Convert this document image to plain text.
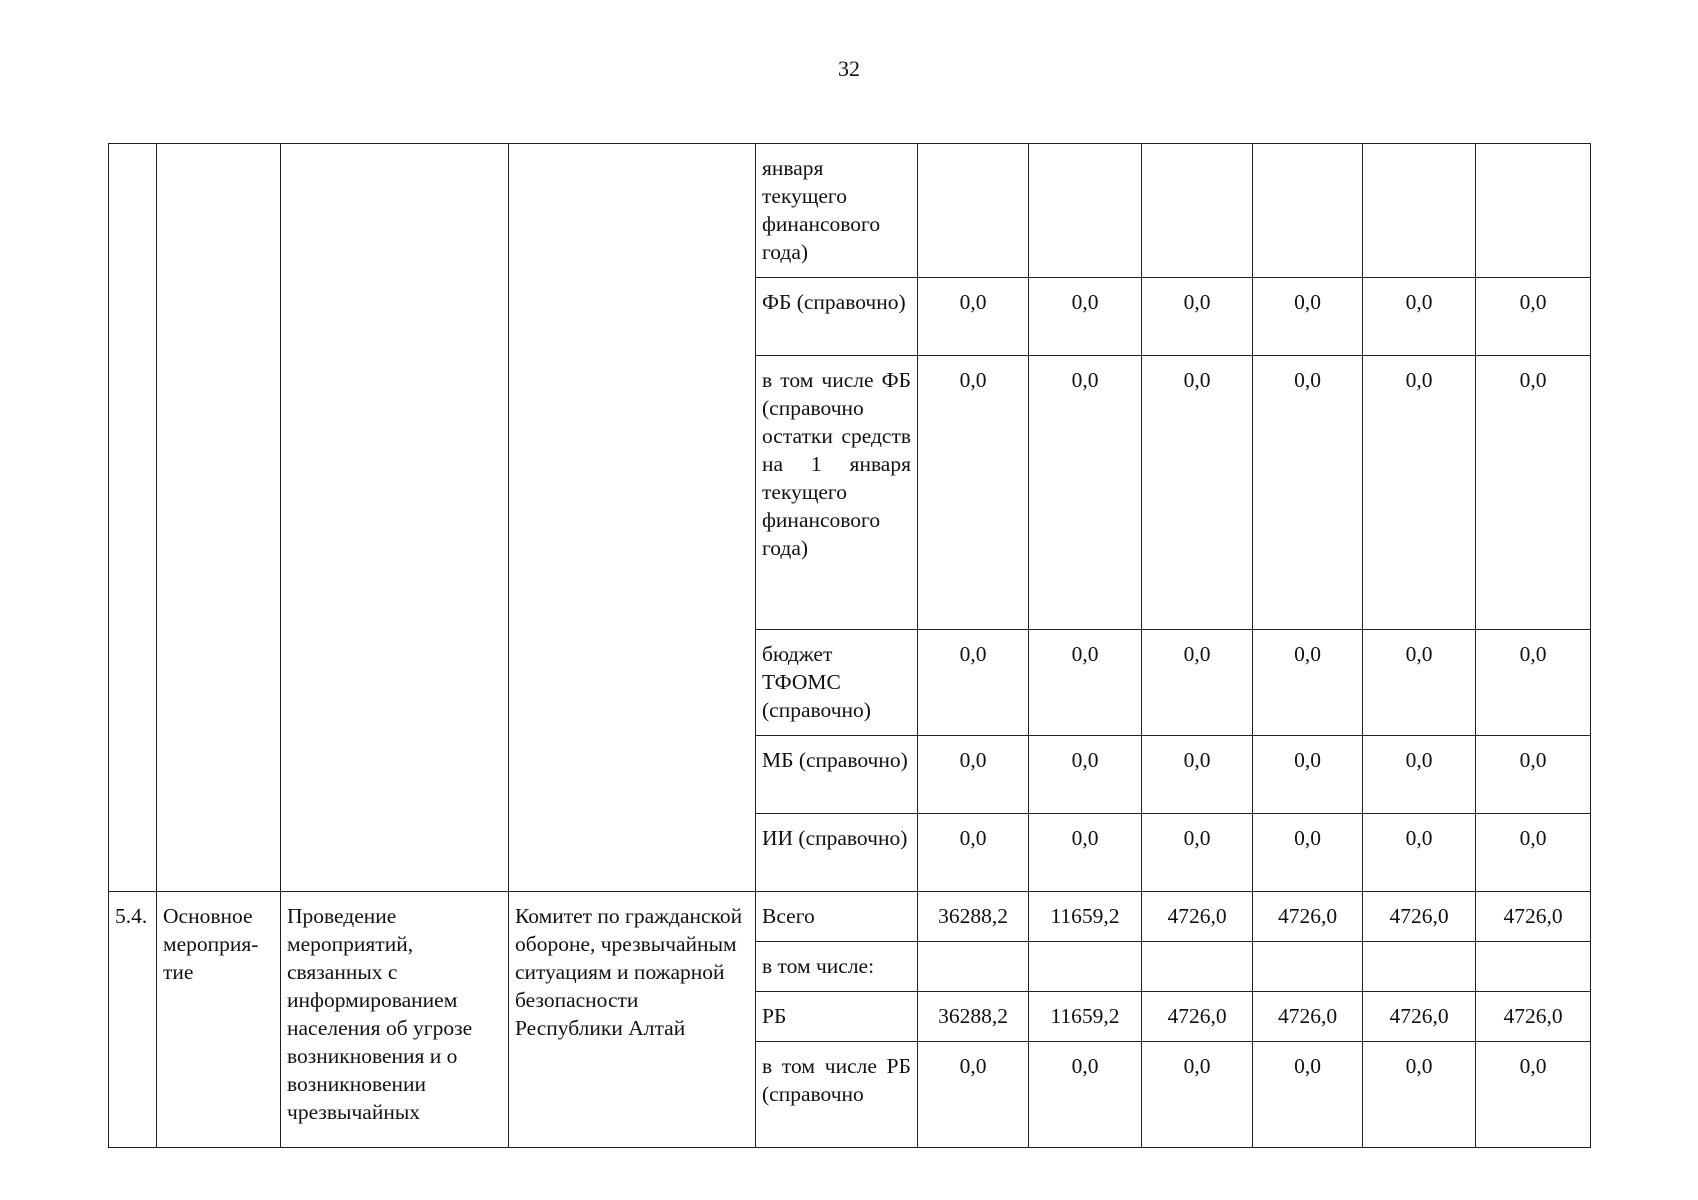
32
				января текущего финансового года)						
				ФБ (справочно)	0,0	0,0	0,0	0,0	0,0	0,0
				в том числе ФБ (справочно остатки средств на 1 января текущего финансового года)	0,0	0,0	0,0	0,0	0,0	0,0
				бюджет ТФОМС (справочно)	0,0	0,0	0,0	0,0	0,0	0,0
				МБ (справочно)	0,0	0,0	0,0	0,0	0,0	0,0
				ИИ (справочно)	0,0	0,0	0,0	0,0	0,0	0,0
5.4.	Основное мероприя-тие	Проведение мероприятий, связанных с информированием населения об угрозе возникновения и о возникновении чрезвычайных	Комитет по гражданской обороне, чрезвычайным ситуациям и пожарной безопасности Республики Алтай	Всего	36288,2	11659,2	4726,0	4726,0	4726,0	4726,0
				в том числе:						
				РБ	36288,2	11659,2	4726,0	4726,0	4726,0	4726,0
				в том числе РБ (справочно	0,0	0,0	0,0	0,0	0,0	0,0
